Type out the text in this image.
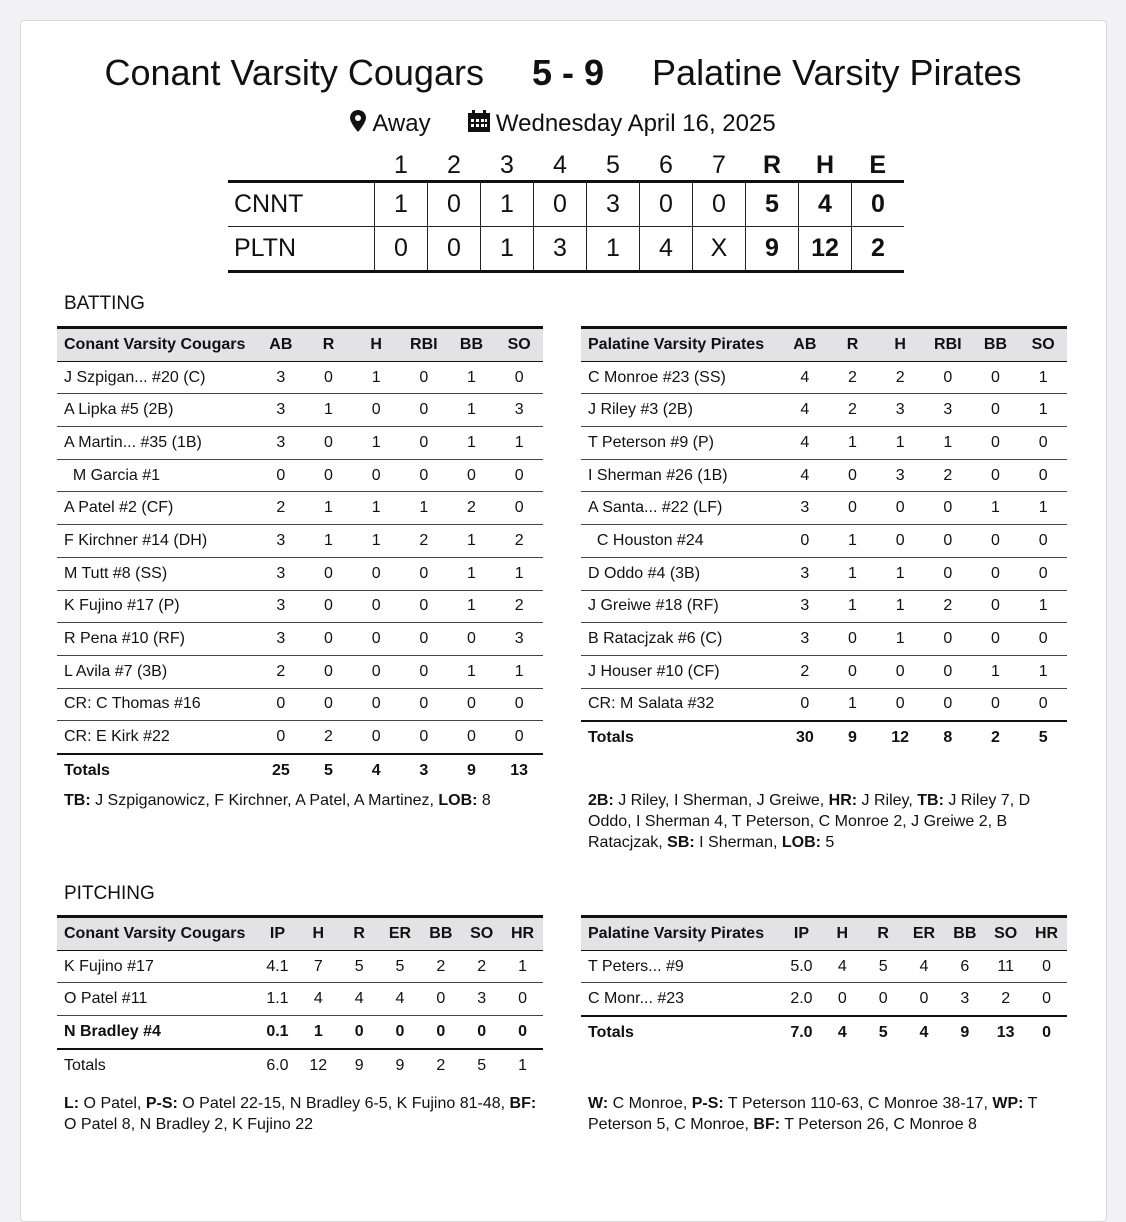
Conant Varsity Cougars 5 - 9 Palatine Varsity Pirates
Away	Wednesday April 16, 2025
	1	2	3	4	5	6	7	R	H	E
CNNT	1	0	1	0	3	0	0	5	4	0
PLTN	0	0	1	3	1	4	X	9	12	2
BATTING
Conant Varsity Cougars	AB	R	H	RBI	BB	SO
J Szpigan... #20 (C)	3	0	1	0	1	0
A Lipka #5 (2B)	3	1	0	0	1	3
A Martin... #35 (1B)	3	0	1	0	1	1
M Garcia #1	0	0	0	0	0	0
A Patel #2 (CF)	2	1	1	1	2	0
F Kirchner #14 (DH)	3	1	1	2	1	2
M Tutt #8 (SS)	3	0	0	0	1	1
K Fujino #17 (P)	3	0	0	0	1	2
R Pena #10 (RF)	3	0	0	0	0	3
L Avila #7 (3B)	2	0	0	0	1	1
CR: C Thomas #16	0	0	0	0	0	0
CR: E Kirk #22	0	2	0	0	0	0
Totals	25	5	4	3	9	13
Palatine Varsity Pirates	AB	R	H	RBI	BB	SO
C Monroe #23 (SS)	4	2	2	0	0	1
J Riley #3 (2B)	4	2	3	3	0	1
T Peterson #9 (P)	4	1	1	1	0	0
I Sherman #26 (1B)	4	0	3	2	0	0
A Santa... #22 (LF)	3	0	0	0	1	1
C Houston #24	0	1	0	0	0	0
D Oddo #4 (3B)	3	1	1	0	0	0
J Greiwe #18 (RF)	3	1	1	2	0	1
B Ratacjzak #6 (C)	3	0	1	0	0	0
J Houser #10 (CF)	2	0	0	0	1	1
CR: M Salata #32	0	1	0	0	0	0
Totals	30	9	12	8	2	5
TB: J Szpiganowicz, F Kirchner, A Patel, A Martinez, LOB: 8	2B: J Riley, I Sherman, J Greiwe, HR: J Riley, TB: J Riley 7, D Oddo, I Sherman 4, T Peterson, C Monroe 2, J Greiwe 2, B Ratacjzak, SB: I Sherman, LOB: 5
PITCHING
Conant Varsity Cougars	IP	H	R	ER	BB	SO	HR
K Fujino #17	4.1	7	5	5	2	2	1
O Patel #11	1.1	4	4	4	0	3	0
N Bradley #4	0.1	1	0	0	0	0	0
Totals	6.0	12	9	9	2	5	1
Palatine Varsity Pirates	IP	H	R	ER	BB	SO	HR
T Peters... #9	5.0	4	5	4	6	11	0
C Monr... #23	2.0	0	0	0	3	2	0
Totals	7.0	4	5	4	9	13	0
L: O Patel, P-S: O Patel 22-15, N Bradley 6-5, K Fujino 81-48, BF: O Patel 8, N Bradley 2, K Fujino 22
W: C Monroe, P-S: T Peterson 110-63, C Monroe 38-17, WP: T Peterson 5, C Monroe, BF: T Peterson 26, C Monroe 8
